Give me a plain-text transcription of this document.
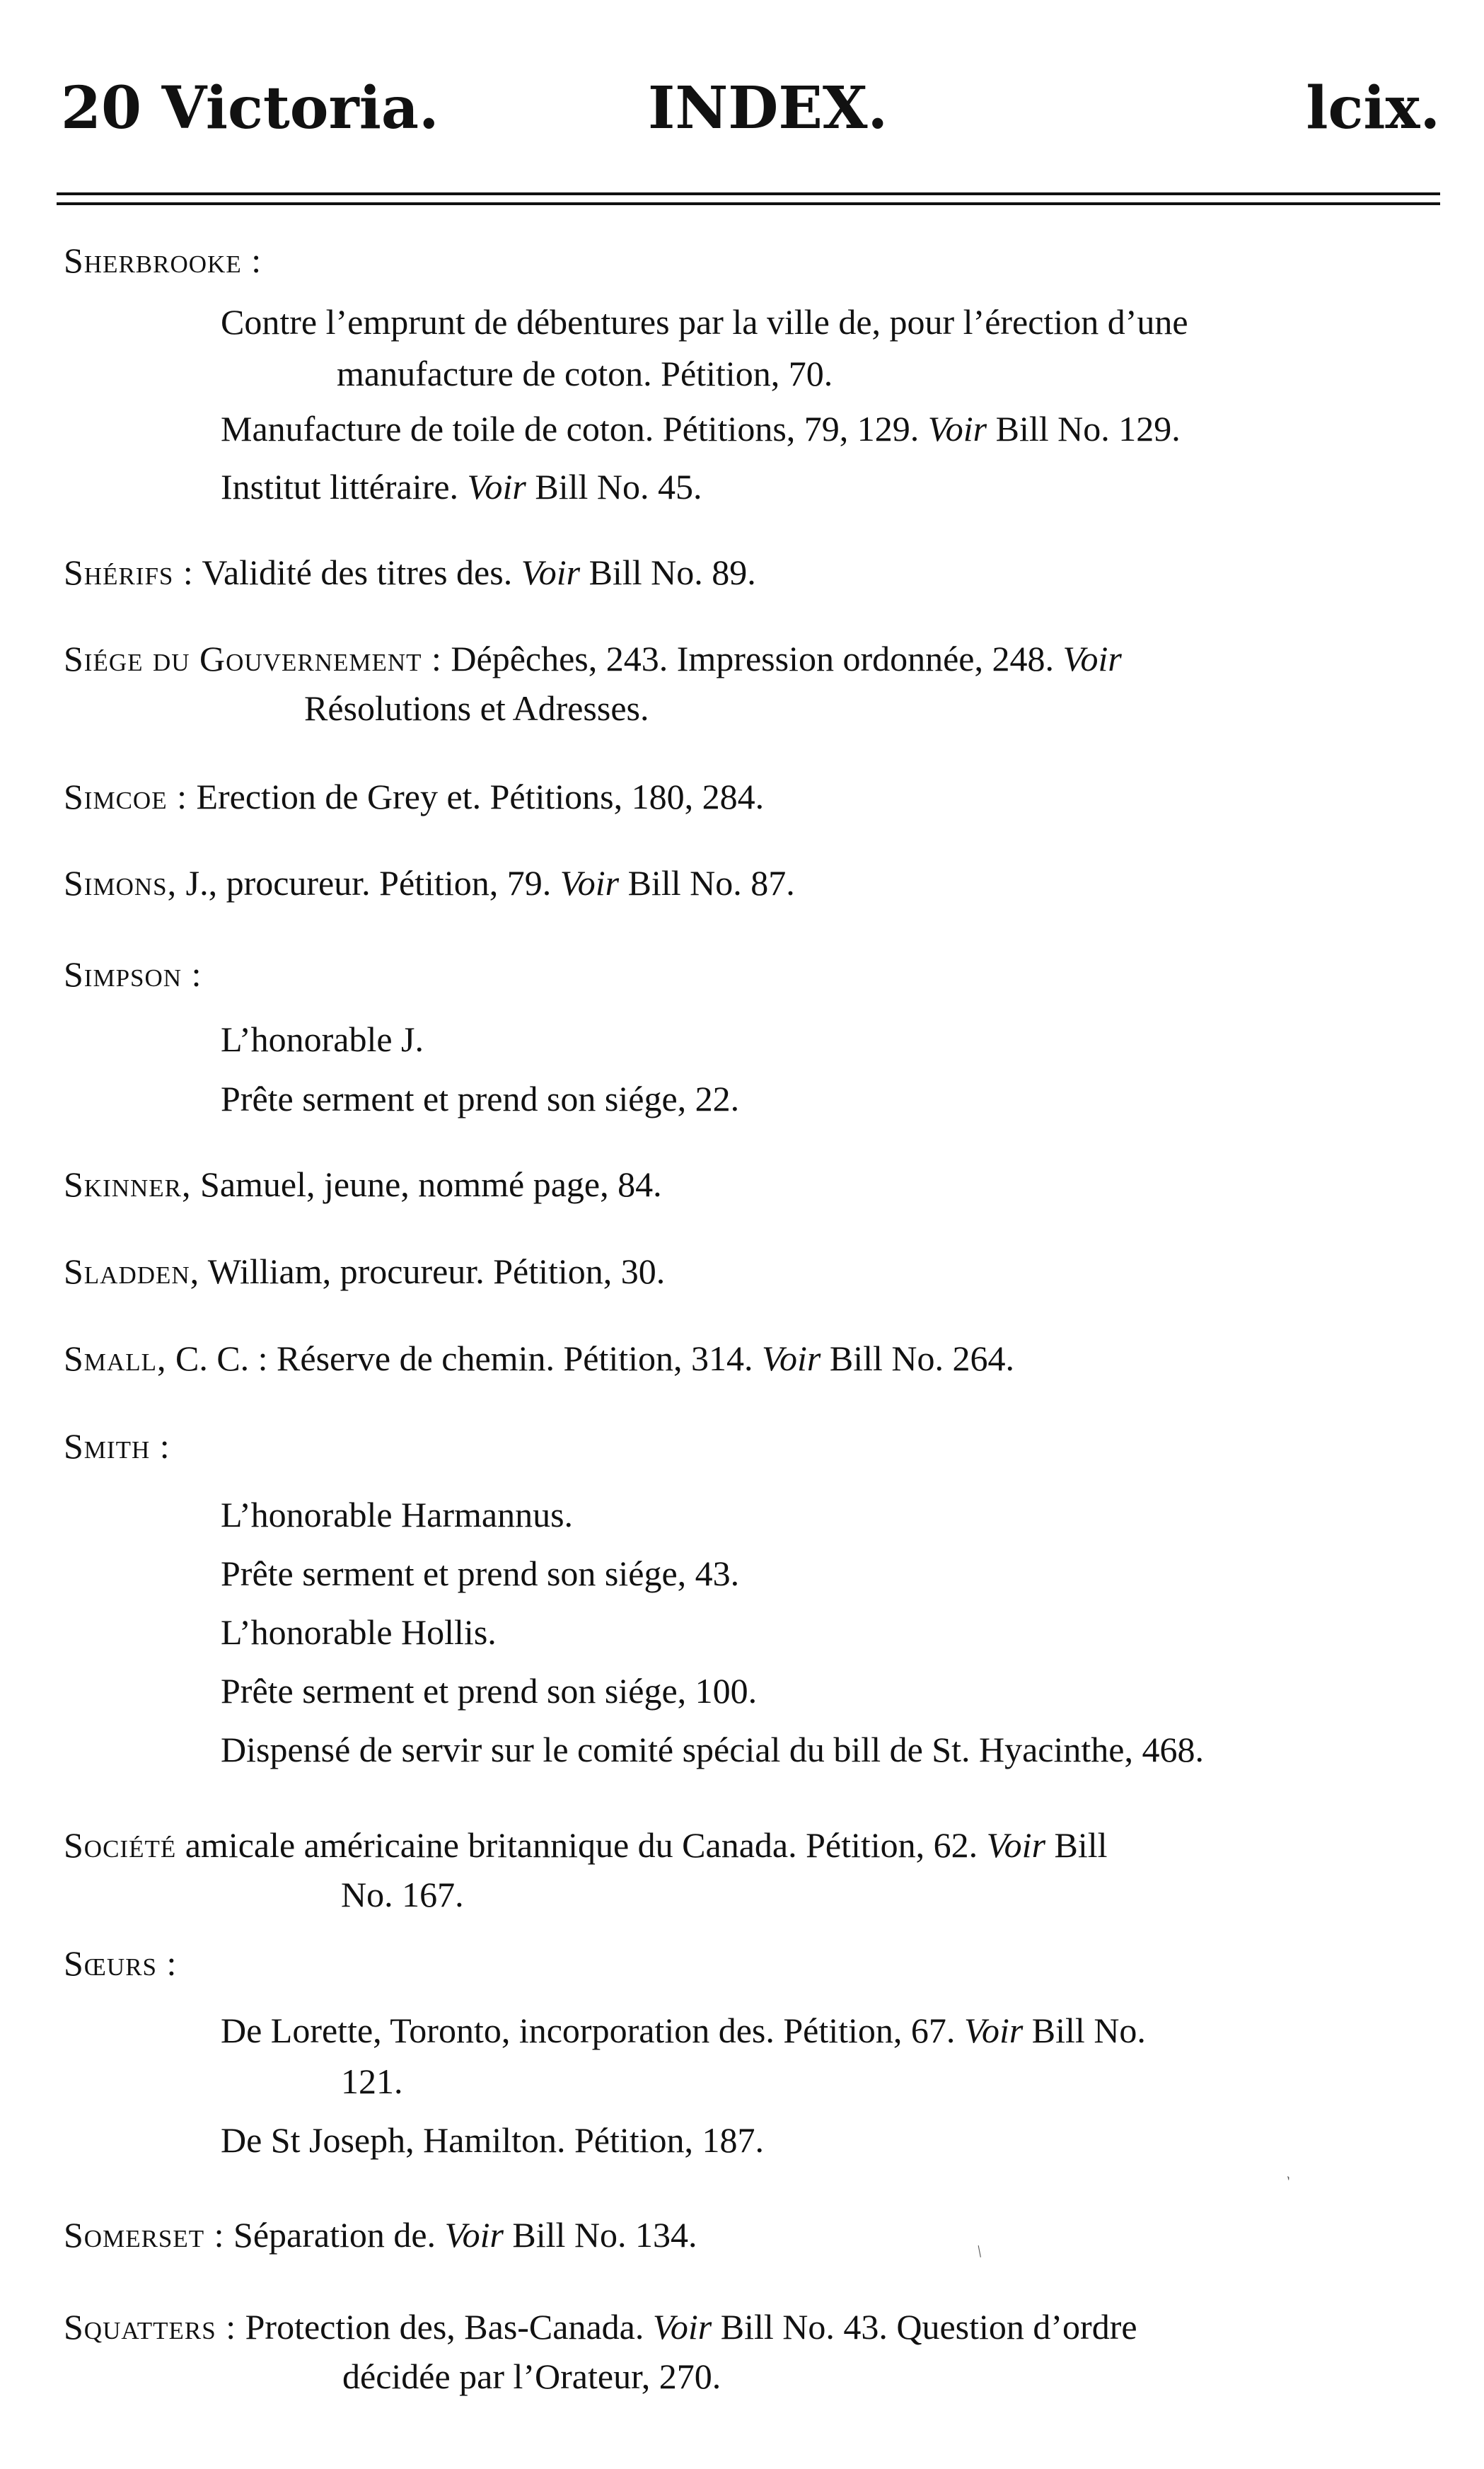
20 Victoria.	INDEX.	lcix.
Sherbrooke :
Contre l’emprunt de débentures par la ville de, pour l’érection d’une
manufacture de coton. Pétition, 70.
Manufacture de toile de coton. Pétitions, 79, 129. Voir Bill No. 129.
Institut littéraire. Voir Bill No. 45.
Shérifs : Validité des titres des. Voir Bill No. 89.
Siége du Gouvernement : Dépêches, 243. Impression ordonnée, 248. Voir
Résolutions et Adresses.
Simcoe : Erection de Grey et. Pétitions, 180, 284.
Simons, J., procureur. Pétition, 79. Voir Bill No. 87.
Simpson :
L’honorable J.
Prête serment et prend son siége, 22.
Skinner, Samuel, jeune, nommé page, 84.
Sladden, William, procureur. Pétition, 30.
Small, C. C. : Réserve de chemin. Pétition, 314. Voir Bill No. 264.
Smith :
L’honorable Harmannus.
Prête serment et prend son siége, 43.
L’honorable Hollis.
Prête serment et prend son siége, 100.
Dispensé de servir sur le comité spécial du bill de St. Hyacinthe, 468.
Société amicale américaine britannique du Canada. Pétition, 62. Voir Bill
No. 167.
Sœurs :
De Lorette, Toronto, incorporation des. Pétition, 67. Voir Bill No.
121.
De St Joseph, Hamilton. Pétition, 187.
Somerset : Séparation de. Voir Bill No. 134.
Squatters : Protection des, Bas-Canada. Voir Bill No. 43. Question d’ordre
décidée par l’Orateur, 270.
`
/
